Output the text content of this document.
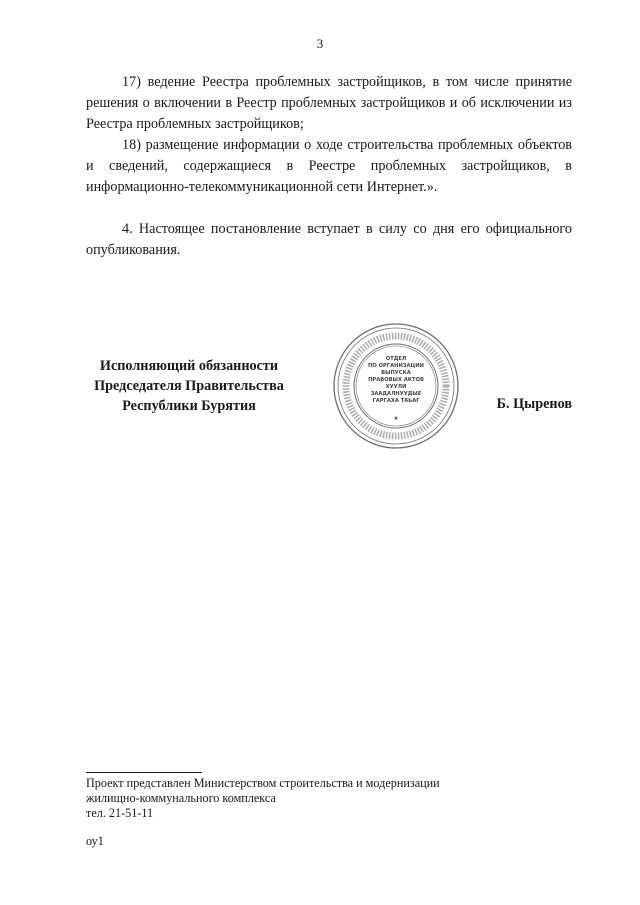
3

17) ведение Реестра проблемных застройщиков, в том числе принятие решения о включении в Реестр проблемных застройщиков и об исключении из Реестра проблемных застройщиков;

18) размещение информации о ходе строительства проблемных объектов и сведений, содержащиеся в Реестре проблемных застройщиков, в информационно-телекоммуникационной сети Интернет.».

4. Настоящее постановление вступает в силу со дня его официального опубликования.

Исполняющий обязанности
Председателя Правительства
Республики Бурятия
ОТДЕЛ
ПО ОРГАНИЗАЦИИ
ВЫПУСКА
ПРАВОВЫХ АКТОВ
ХУУЛИ
ЗААДАЛНУУДЫЕ
ГАРГАХА ТАЬАГ
★
Б. Цыренов
Проект представлен Министерством строительства и модернизации
жилищно-коммунального комплекса
тел. 21-51-11
оу1
